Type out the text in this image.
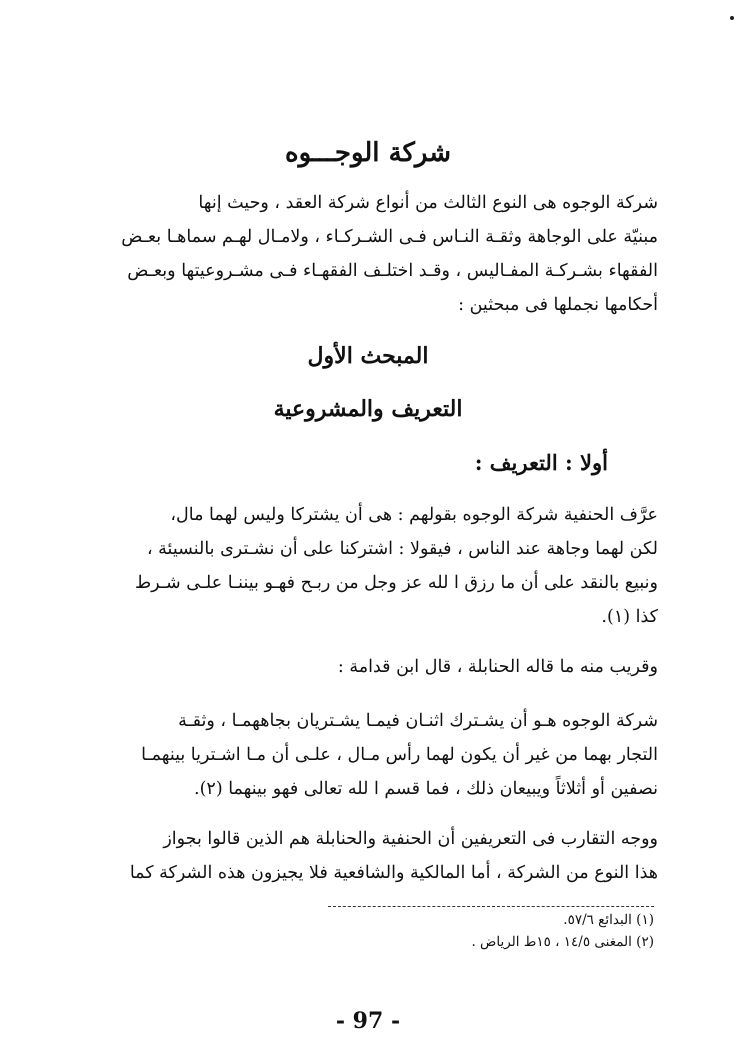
شركة الوجـــوه
شركة الوجوه هى النوع الثالث من أنواع شركة العقد ، وحيث إنها
مبنيّة على الوجاهة وثقـة النـاس فـى الشـركـاء ، ولامـال لهـم سماهـا بعـض
الفقهاء بشـركـة المفـاليس ، وقـد اختلـف الفقهـاء فـى مشـروعيتها وبعـض
أحكامها نجملها فى مبحثين :
المبحث الأول
التعريف والمشروعية
أولا : التعريف :
عرَّف الحنفية شركة الوجوه بقولهم : هى أن يشتركا وليس لهما مال،
لكن لهما وجاهة عند الناس ، فيقولا : اشتركنا على أن نشـترى بالنسيئة ،
ونبيع بالنقد على أن ما رزق ا لله عز وجل من ربـح فهـو بيننـا علـى شـرط
كذا (١).
وقريب منه ما قاله الحنابلة ، قال ابن قدامة :
شركة الوجوه هـو أن يشـترك اثنـان فيمـا يشـتريان بجاههمـا ، وثقـة
التجار بهما من غير أن يكون لهما رأس مـال ، علـى أن مـا اشـتريا بينهمـا
نصفين أو أثلاثاً ويبيعان ذلك ، فما قسم ا لله تعالى فهو بينهما (٢).
ووجه التقارب فى التعريفين أن الحنفية والحنابلة هم الذين قالوا بجواز
هذا النوع من الشركة ، أما المالكية والشافعية فلا يجيزون هذه الشركة كما
(١) البدائع ٥٧/٦.
(٢) المغنى ١٤/٥ ، ١٥ط الرياض .
- 97 -
